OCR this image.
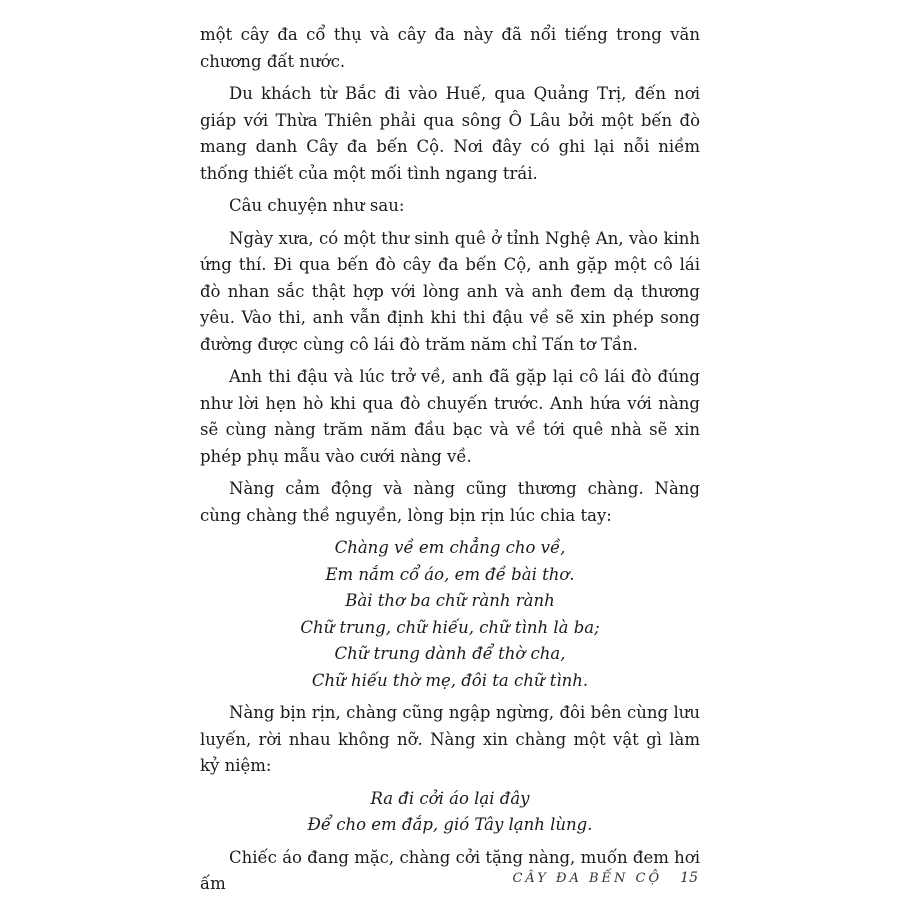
một cây đa cổ thụ và cây đa này đã nổi tiếng trong văn chương đất nước.

Du khách từ Bắc đi vào Huế, qua Quảng Trị, đến nơi giáp với Thừa Thiên phải qua sông Ô Lâu bởi một bến đò mang danh Cây đa bến Cộ. Nơi đây có ghi lại nỗi niềm thống thiết của một mối tình ngang trái.

Câu chuyện như sau:

Ngày xưa, có một thư sinh quê ở tỉnh Nghệ An, vào kinh ứng thí. Đi qua bến đò cây đa bến Cộ, anh gặp một cô lái đò nhan sắc thật hợp với lòng anh và anh đem dạ thương yêu. Vào thi, anh vẫn định khi thi đậu về sẽ xin phép song đường được cùng cô lái đò trăm năm chỉ Tấn tơ Tần.

Anh thi đậu và lúc trở về, anh đã gặp lại cô lái đò đúng như lời hẹn hò khi qua đò chuyến trước. Anh hứa với nàng sẽ cùng nàng trăm năm đầu bạc và về tới quê nhà sẽ xin phép phụ mẫu vào cưới nàng về.

Nàng cảm động và nàng cũng thương chàng. Nàng cùng chàng thề nguyền, lòng bịn rịn lúc chia tay:

Chàng về em chẳng cho về,
Em nắm cổ áo, em đề bài thơ.
Bài thơ ba chữ rành rành
Chữ trung, chữ hiếu, chữ tình là ba;
Chữ trung dành để thờ cha,
Chữ hiếu thờ mẹ, đôi ta chữ tình.

Nàng bịn rịn, chàng cũng ngập ngừng, đôi bên cùng lưu luyến, rời nhau không nỡ. Nàng xin chàng một vật gì làm kỷ niệm:

Ra đi cởi áo lại đây
Để cho em đắp, gió Tây lạnh lùng.

Chiếc áo đang mặc, chàng cởi tặng nàng, muốn đem hơi ấm	CÂY ĐA BẾN CỘ 15
